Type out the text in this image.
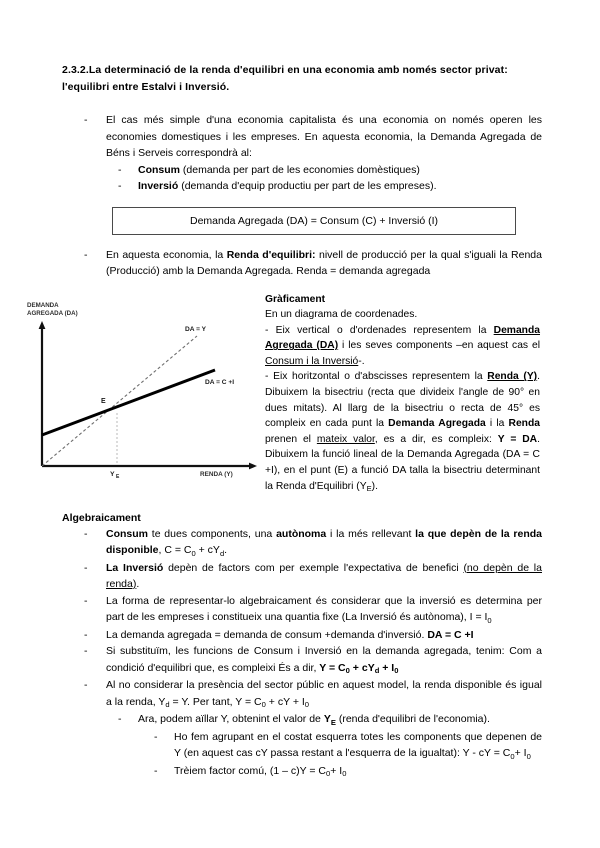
2.3.2.La determinació de la renda d'equilibri en una economia amb només sector privat: l'equilibri entre Estalvi i Inversió.
-	El cas més simple d'una economia capitalista és una economia on només operen les economies domestiques i les empreses. En aquesta economia, la Demanda Agregada de Béns i Serveis correspondrà al:
-	Consum (demanda per part de les economies domèstiques)
-	Inversió (demanda d'equip productiu per part de les empreses).
Demanda Agregada (DA) = Consum (C) + Inversió (I)
-	En aquesta economia, la Renda d'equilibri: nivell de producció per la qual s'iguali la Renda (Producció) amb la Demanda Agregada. Renda = demanda agregada
DEMANDA
AGREGADA (DA)
DA = Y
DA = C +I
E
Y E	RENDA (Y)

Gràficament

En un diagrama de coordenades.

- Eix vertical o d'ordenades representem la Demanda Agregada (DA) i les seves components –en aquest cas el Consum i la Inversió-.

- Eix horitzontal o d'abscisses representem la Renda (Y). Dibuixem la bisectriu (recta que divideix l'angle de 90° en dues mitats). Al llarg de la bisectriu o recta de 45° es compleix en cada punt la Demanda Agregada i la Renda prenen el mateix valor, es a dir, es compleix: Y = DA. Dibuixem la funció lineal de la Demanda Agregada (DA = C +I), en el punt (E) a funció DA talla la bisectriu determinant la Renda d'Equilibri $(Y_E)$.

Algebraicament
-	Consum te dues components, una autònoma i la més rellevant la que depèn de la renda disponible, $C = C_0 + cY_d$.
-	La Inversió depèn de factors com per exemple l'expectativa de benefici (no depèn de la renda).
-	La forma de representar-lo algebraicament és considerar que la inversió es determina per part de les empreses i constitueix una quantia fixe (La Inversió és autònoma), $I = I_0$
-	La demanda agregada = demanda de consum +demanda d'inversió. DA = C +I
-	Si substituïm, les funcions de Consum i Inversió en la demanda agregada, tenim: Com a condició d'equilibri que, es compleixi És a dir, $Y = C_0 + cY_d + I_0$
-	Al no considerar la presència del sector públic en aquest model, la renda disponible és igual a la renda, $Y_d = Y$. Per tant, $Y = C_0$ + cY + $I_0$
-	Ara, podem aïllar Y, obtenint el valor de $Y_E$ (renda d'equilibri de l'economia).
-	Ho fem agrupant en el costat esquerra totes les components que depenen de Y (en aquest cas cY passa restant a l'esquerra de la igualtat): Y - cY = $C_0+ I_0$
-	Trèiem factor comú, $(1 - c)Y = C_0+ I_0$
